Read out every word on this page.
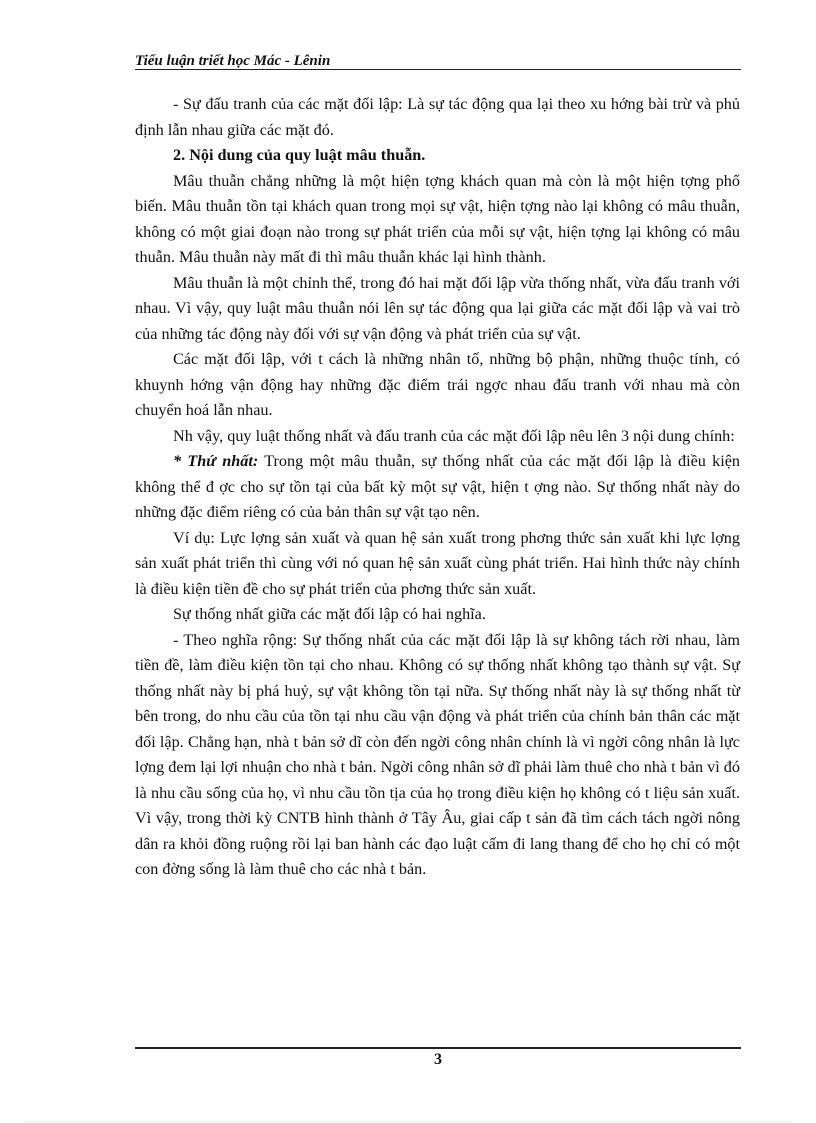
Tiểu luận triết học Mác - Lênin

- Sự đấu tranh của các mặt đối lập: Là sự tác động qua lại theo xu hớng bài trừ và phủ định lẫn nhau giữa các mặt đó.

2. Nội dung của quy luật mâu thuẫn.

Mâu thuẫn chẳng những là một hiện tợng khách quan mà còn là một hiện tợng phổ biến. Mâu thuẫn tồn tại khách quan trong mọi sự vật, hiện tợng nào lại không có mâu thuẫn, không có một giai đoạn nào trong sự phát triển của mỗi sự vật, hiện tợng lại không có mâu thuẫn. Mâu thuẫn này mất đi thì mâu thuẫn khác lại hình thành.

Mâu thuẫn là một chỉnh thể, trong đó hai mặt đối lập vừa thống nhất, vừa đấu tranh với nhau. Vì vậy, quy luật mâu thuẫn nói lên sự tác động qua lại giữa các mặt đối lập và vai trò của những tác động này đối với sự vận động và phát triển của sự vật.

Các mặt đối lập, với t cách là những nhân tố, những bộ phận, những thuộc tính, có khuynh hớng vận động hay những đặc điểm trái ngợc nhau đấu tranh với nhau mà còn chuyển hoá lẫn nhau.

Nh vậy, quy luật thống nhất và đấu tranh của các mặt đối lập nêu lên 3 nội dung chính:

* Thứ nhất: Trong một mâu thuẫn, sự thống nhất của các mặt đối lập là điều kiện không thể đ ợc cho sự tồn tại của bất kỳ một sự vật, hiện t ợng nào. Sự thống nhất này do những đặc điểm riêng có của bản thân sự vật tạo nên.

Ví dụ: Lực lợng sản xuất và quan hệ sản xuất trong phơng thức sản xuất khi lực lợng sản xuất phát triển thì cùng với nó quan hệ sản xuất cùng phát triển. Hai hình thức này chính là điều kiện tiền đề cho sự phát triển của phơng thức sản xuất.

Sự thống nhất giữa các mặt đối lập có hai nghĩa.

- Theo nghĩa rộng: Sự thống nhất của các mặt đối lập là sự không tách rời nhau, làm tiền đề, làm điều kiện tồn tại cho nhau. Không có sự thống nhất không tạo thành sự vật. Sự thống nhất này bị phá huỷ, sự vật không tồn tại nữa. Sự thống nhất này là sự thống nhất từ bên trong, do nhu cầu của tồn tại nhu cầu vận động và phát triển của chính bản thân các mặt đối lập. Chẳng hạn, nhà t bản sở dĩ còn đến ngời công nhân chính là vì ngời công nhân là lực lợng đem lại lợi nhuận cho nhà t bản. Ngời công nhân sở dĩ phải làm thuê cho nhà t bản vì đó là nhu cầu sống của họ, vì nhu cầu tồn tịa của họ trong điều kiện họ không có t liệu sản xuất. Vì vậy, trong thời kỳ CNTB hình thành ở Tây Âu, giai cấp t sản đã tìm cách tách ngời nông dân ra khỏi đồng ruộng rồi lại ban hành các đạo luật cấm đi lang thang để cho họ chỉ có một con đờng sống là làm thuê cho các nhà t bản.

3
